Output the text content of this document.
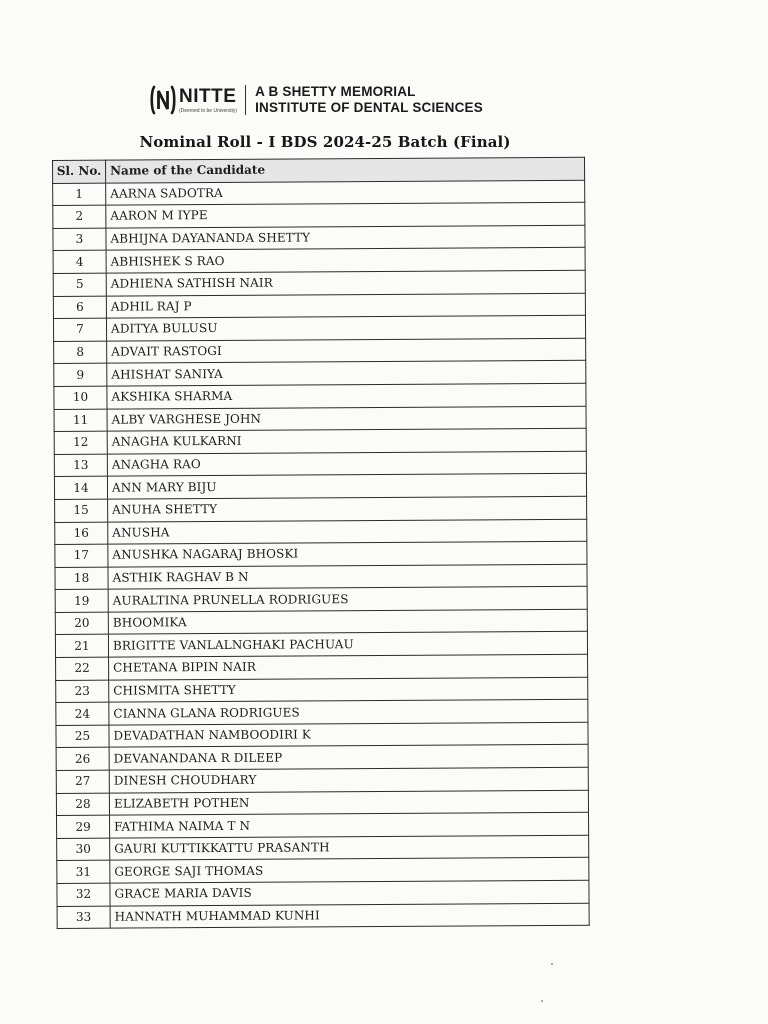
NITTE
(Deemed to be University)
A B SHETTY MEMORIAL
INSTITUTE OF DENTAL SCIENCES
Nominal Roll - I BDS 2024-25 Batch (Final)
Sl. No.	Name of the Candidate
1	AARNA SADOTRA
2	AARON M IYPE
3	ABHIJNA DAYANANDA SHETTY
4	ABHISHEK S RAO
5	ADHIENA SATHISH NAIR
6	ADHIL RAJ P
7	ADITYA BULUSU
8	ADVAIT RASTOGI
9	AHISHAT SANIYA
10	AKSHIKA SHARMA
11	ALBY VARGHESE JOHN
12	ANAGHA KULKARNI
13	ANAGHA RAO
14	ANN MARY BIJU
15	ANUHA SHETTY
16	ANUSHA
17	ANUSHKA NAGARAJ BHOSKI
18	ASTHIK RAGHAV B N
19	AURALTINA PRUNELLA RODRIGUES
20	BHOOMIKA
21	BRIGITTE VANLALNGHAKI PACHUAU
22	CHETANA BIPIN NAIR
23	CHISMITA SHETTY
24	CIANNA GLANA RODRIGUES
25	DEVADATHAN NAMBOODIRI K
26	DEVANANDANA R DILEEP
27	DINESH CHOUDHARY
28	ELIZABETH POTHEN
29	FATHIMA NAIMA T N
30	GAURI KUTTIKKATTU PRASANTH
31	GEORGE SAJI THOMAS
32	GRACE MARIA DAVIS
33	HANNATH MUHAMMAD KUNHI
